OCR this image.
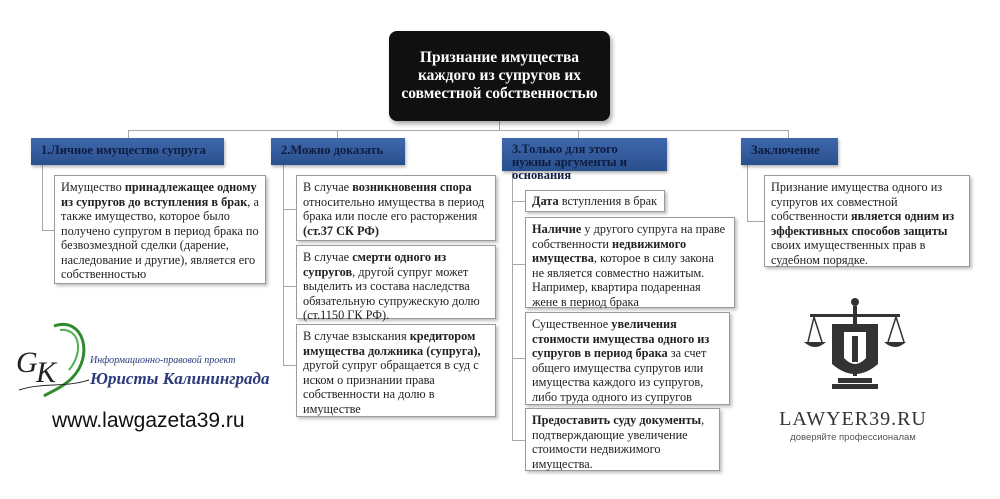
Признание имущества каждого из супругов их совместной собственностью
1.Личное имущество супруга	2.Можно доказать	3.Только для этого нужны аргументы и основания
Заключение
Имущество принадлежащее одному из супругов до вступления в брак, а также имущество, которое было получено супругом в период брака по безвозмездной сделки (дарение, наследование и другие), является его собственностью
В случае возникновения спора относительно имущества в период брака или после его расторжения (ст.37 СК РФ)
В случае смерти одного из супругов, другой супруг может выделить из состава наследства обязательную супружескую долю (ст.1150 ГК РФ).
В случае взыскания кредитором имущества должника (супруга), другой супруг обращается в суд с иском о признании права собственности на долю в имуществе
Дата вступления в брак
Наличие у другого супруга на праве собственности недвижимого имущества, которое в силу закона не является совместно нажитым. Например, квартира подаренная жене в период брака
Существенное увеличения стоимости имущества одного из супругов в период брака за счет общего имущества супругов или имущества каждого из супругов, либо труда одного из супругов
Предоставить суду документы, подтверждающие увеличение стоимости недвижимого имущества.
Признание имущества одного из супругов их совместной собственности является одним из эффективных способов защиты своих имущественных прав в судебном порядке.
G
K	Информационно-правовой проект
Юристы Калининграда
www.lawgazeta39.ru	LAWYER39.RU
доверяйте профессионалам
